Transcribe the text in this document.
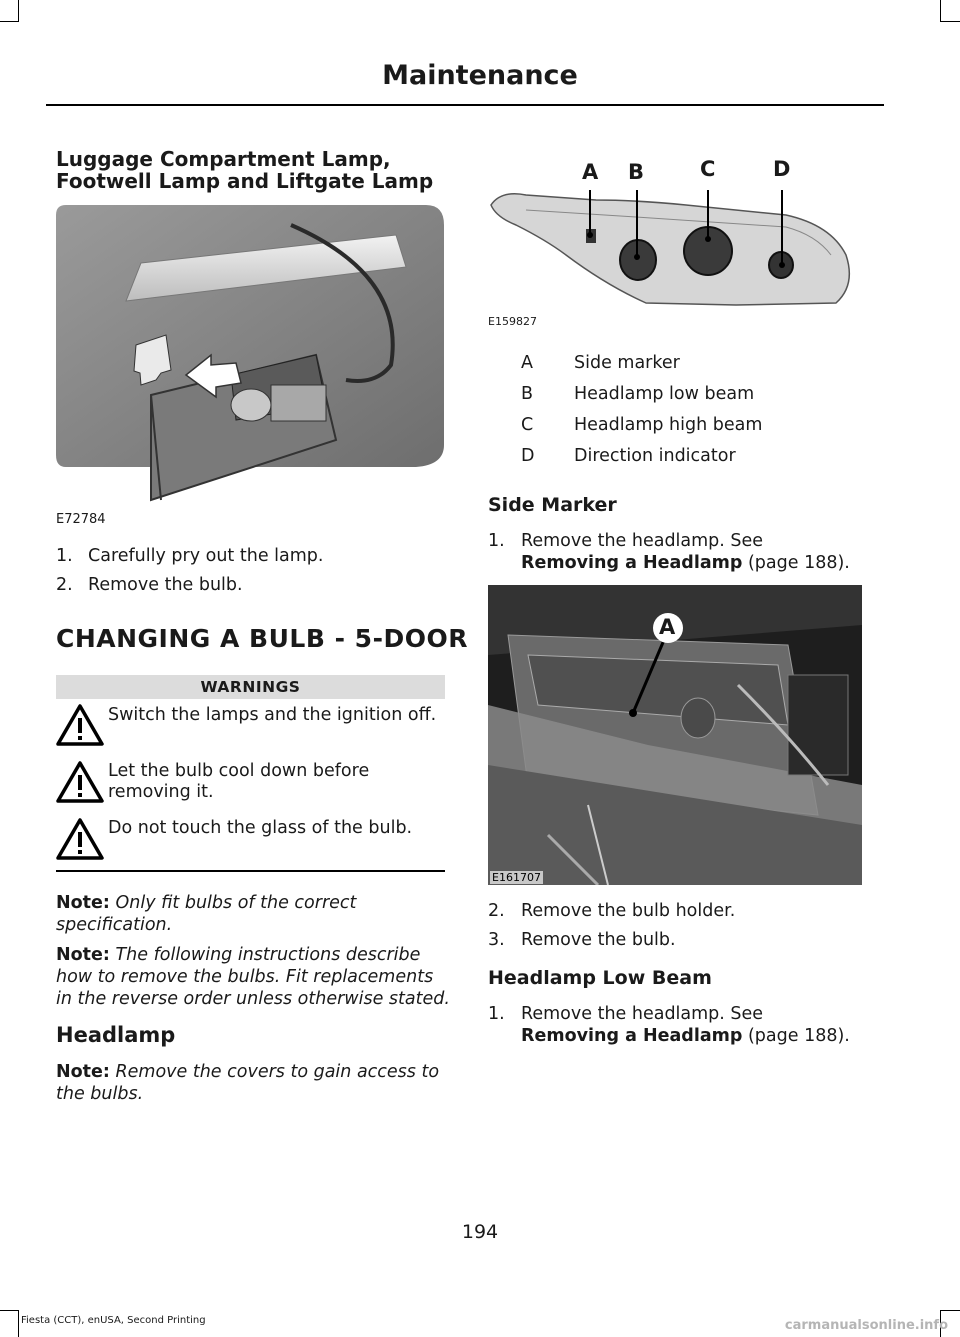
Maintenance
Luggage Compartment Lamp,
Footwell Lamp and Liftgate Lamp
E72784
1. Carefully pry out the lamp.
2. Remove the bulb.
CHANGING A BULB - 5-DOOR
WARNINGS
Switch the lamps and the ignition off.
Let the bulb cool down before
removing it.
Do not touch the glass of the bulb.
Note: Only fit bulbs of the correct
specification.
Note: The following instructions describe
how to remove the bulbs. Fit replacements
in the reverse order unless otherwise stated.
Headlamp
Note: Remove the covers to gain access to
the bulbs.
A B	C	D
E159827
A Side marker
B Headlamp low beam
C Headlamp high beam
D Direction indicator
Side Marker
1. Remove the headlamp. See
Removing a Headlamp (page 188).
A
E161707
2. Remove the bulb holder.
3. Remove the bulb.
Headlamp Low Beam
1. Remove the headlamp. See
Removing a Headlamp (page 188).
194
Fiesta (CCT), enUSA, Second Printing	carmanualsonline.info
